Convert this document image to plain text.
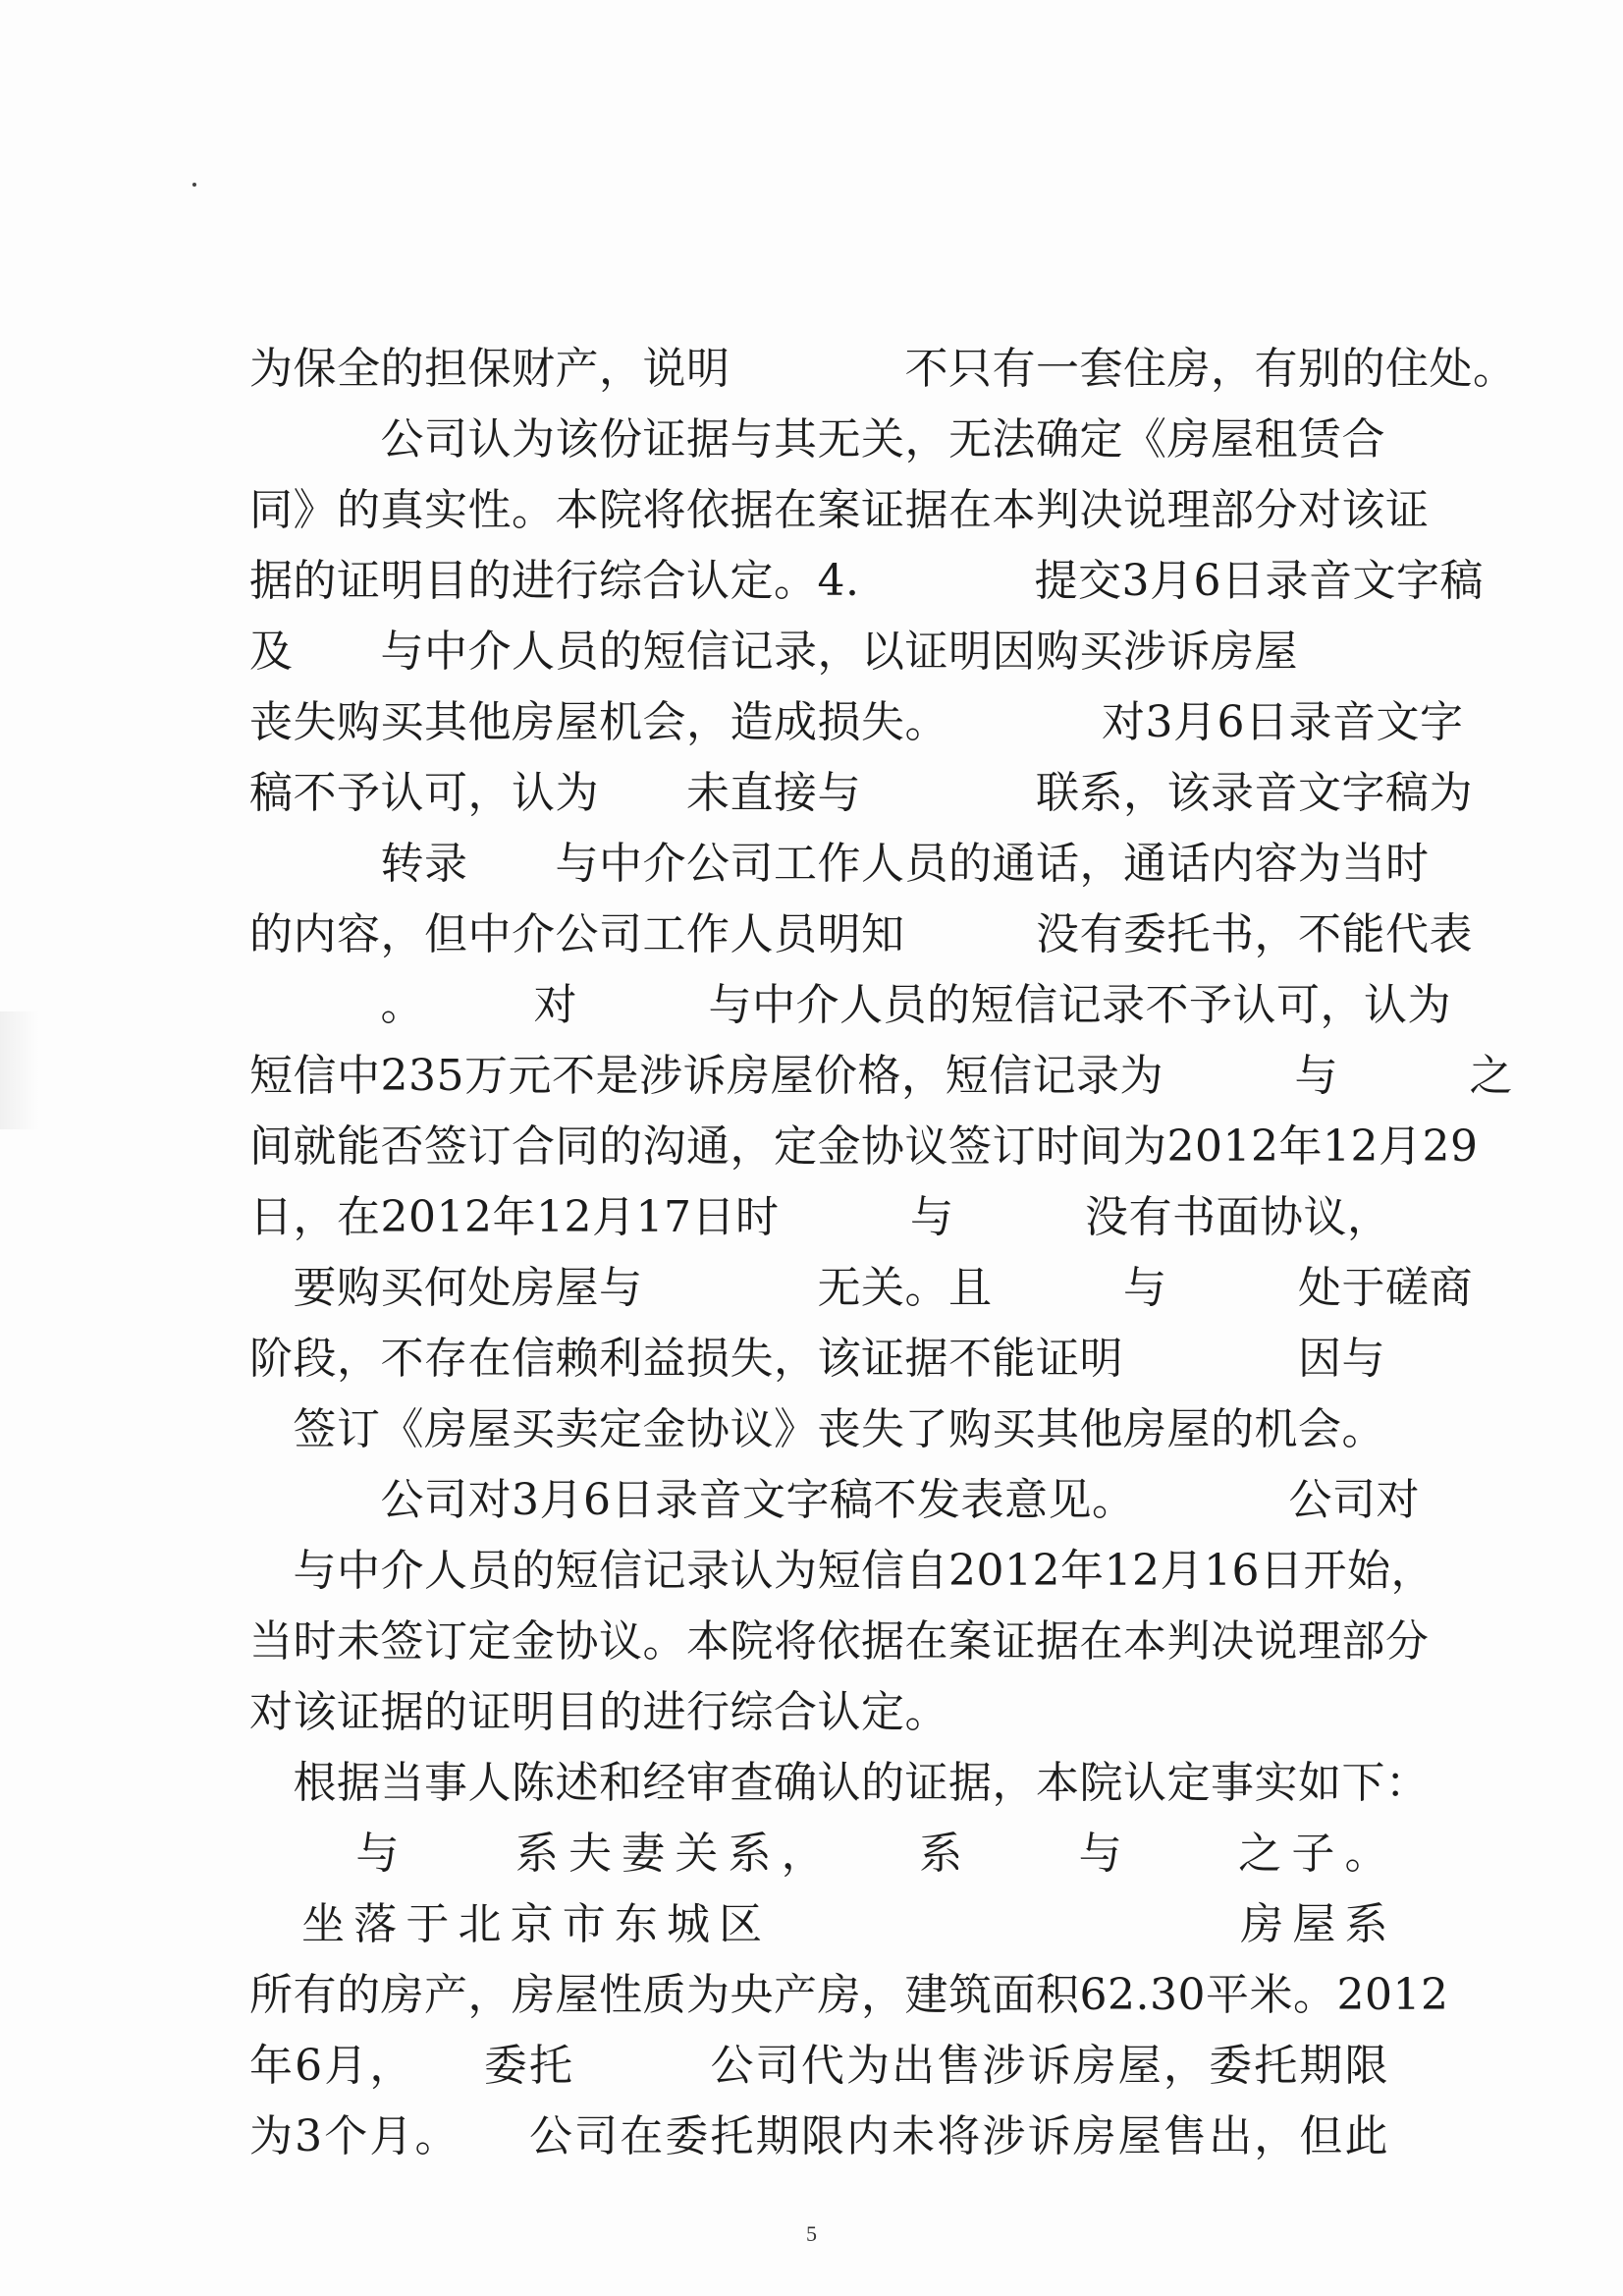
为保全的担保财产，说明　　　　不只有一套住房，有别的住处。
　　　公司认为该份证据与其无关，无法确定《房屋租赁合
同》的真实性。本院将依据在案证据在本判决说理部分对该证
据的证明目的进行综合认定。4.　　　　提交3月6日录音文字稿
及　　与中介人员的短信记录，以证明因购买涉诉房屋
丧失购买其他房屋机会，造成损失。　　　　对3月6日录音文字
稿不予认可，认为　　未直接与　　　　联系，该录音文字稿为
　　　转录　　与中介公司工作人员的通话，通话内容为当时
的内容，但中介公司工作人员明知　　　没有委托书，不能代表
　　　。　　　对　　　与中介人员的短信记录不予认可，认为
短信中235万元不是涉诉房屋价格，短信记录为　　　与　　　之
间就能否签订合同的沟通，定金协议签订时间为2012年12月29
日，在2012年12月17日时　　　与　　　没有书面协议，
　要购买何处房屋与　　　　无关。且　　　与　　　处于磋商
阶段，不存在信赖利益损失，该证据不能证明　　　　因与
　签订《房屋买卖定金协议》丧失了购买其他房屋的机会。
　　　公司对3月6日录音文字稿不发表意见。　　　　公司对
　与中介人员的短信记录认为短信自2012年12月16日开始，
当时未签订定金协议。本院将依据在案证据在本判决说理部分
对该证据的证明目的进行综合认定。
　根据当事人陈述和经审查确认的证据，本院认定事实如下：
　　与　　系夫妻关系，　　系　　与　　之子。
　坐落于北京市东城区　　　　　　　　　房屋系
所有的房产，房屋性质为央产房，建筑面积62.30平米。2012
年6月，　　委托　　　公司代为出售涉诉房屋，委托期限
为3个月。　　公司在委托期限内未将涉诉房屋售出，但此
5
